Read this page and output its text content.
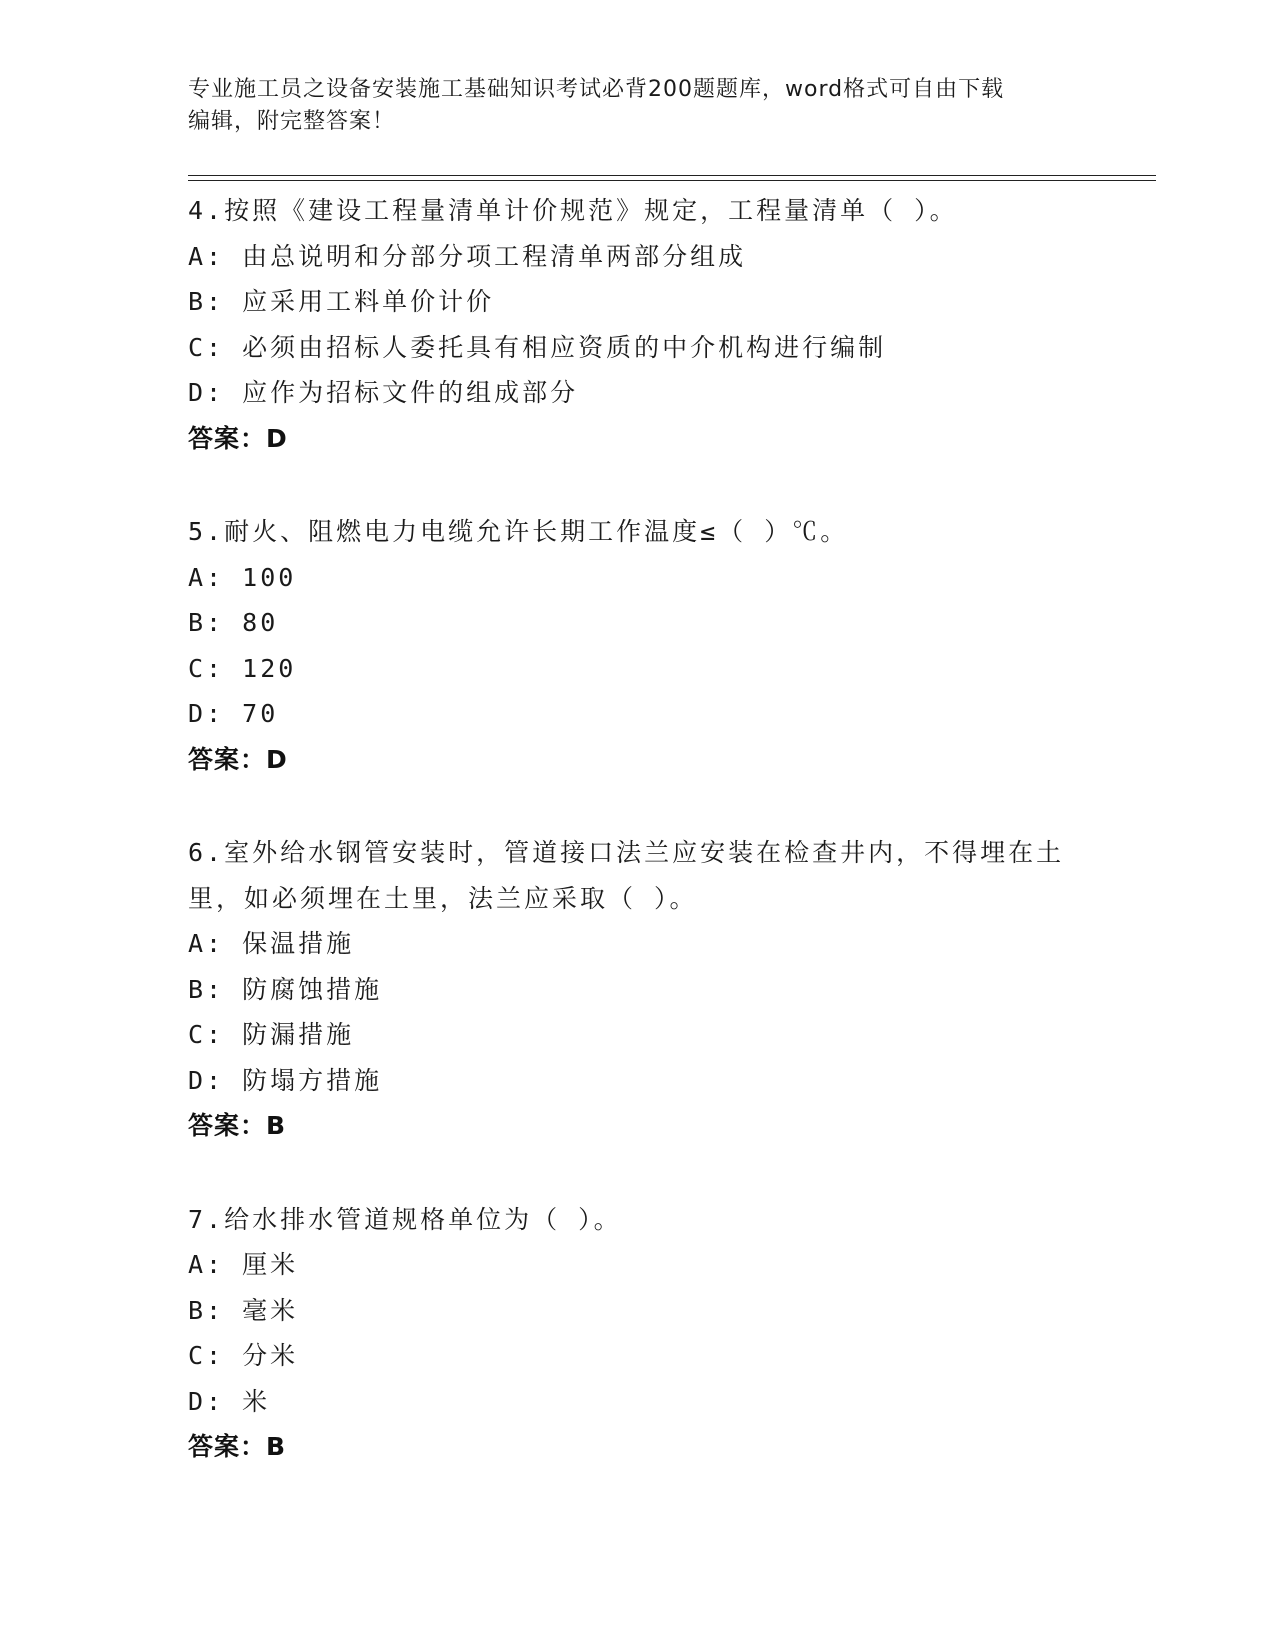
专业施工员之设备安装施工基础知识考试必背200题题库，word格式可自由下载
编辑，附完整答案！
4.按照《建设工程量清单计价规范》规定，工程量清单（ ）。
A: 由总说明和分部分项工程清单两部分组成
B: 应采用工料单价计价
C: 必须由招标人委托具有相应资质的中介机构进行编制
D: 应作为招标文件的组成部分
答案：D
5.耐火、阻燃电力电缆允许长期工作温度≤（ ）℃。
A: 100
B: 80
C: 120
D: 70
答案：D
6.室外给水钢管安装时，管道接口法兰应安装在检查井内，不得埋在土里，如必须埋在土里，法兰应采取（ ）。
A: 保温措施
B: 防腐蚀措施
C: 防漏措施
D: 防塌方措施
答案：B
7.给水排水管道规格单位为（ ）。
A: 厘米
B: 毫米
C: 分米
D: 米
答案：B
